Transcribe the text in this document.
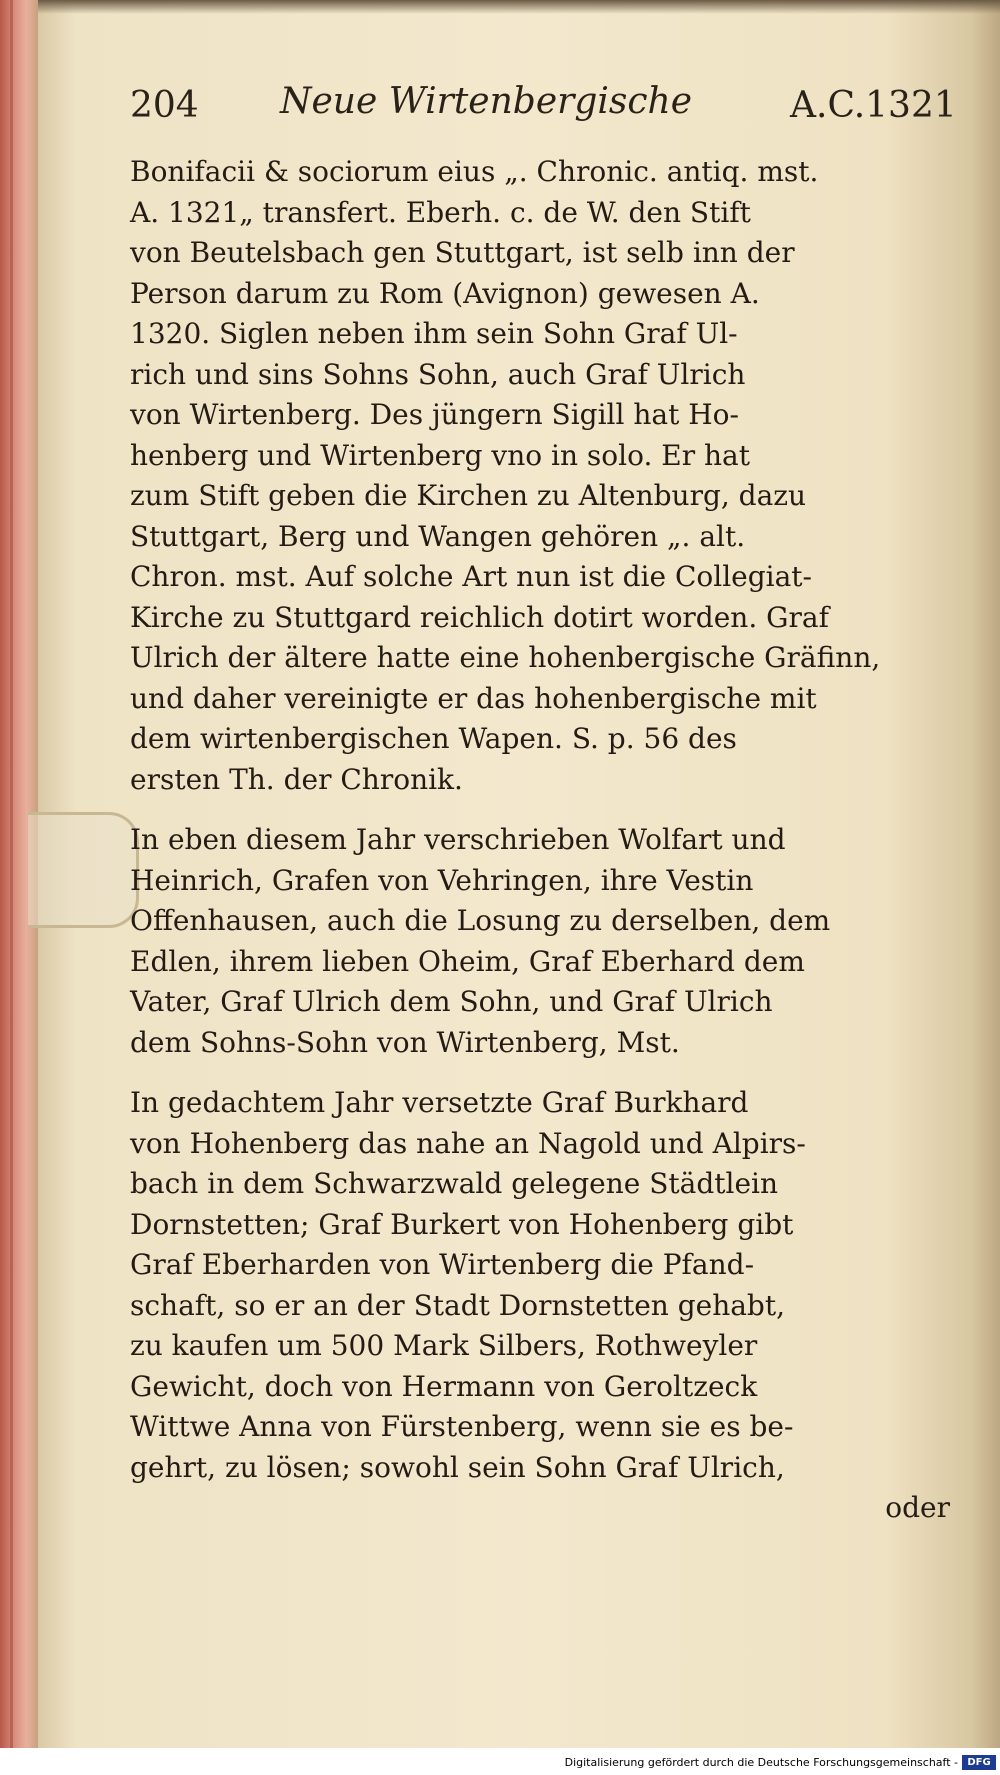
204 Neue Wirtenbergische	A.C.1321
Bonifacii & sociorum eius „. Chronic. antiq. mst.
A. 1321„ transfert. Eberh. c. de W. den Stift
von Beutelsbach gen Stuttgart, ist selb inn der
Person darum zu Rom (Avignon) gewesen A.
1320. Siglen neben ihm sein Sohn Graf Ul-
rich und sins Sohns Sohn, auch Graf Ulrich
von Wirtenberg. Des jüngern Sigill hat Ho-
henberg und Wirtenberg vno in solo. Er hat
zum Stift geben die Kirchen zu Altenburg, dazu
Stuttgart, Berg und Wangen gehören „. alt.
Chron. mst. Auf solche Art nun ist die Collegiat-
Kirche zu Stuttgard reichlich dotirt worden. Graf
Ulrich der ältere hatte eine hohenbergische Gräfinn,
und daher vereinigte er das hohenbergische mit
dem wirtenbergischen Wapen. S. p. 56 des
ersten Th. der Chronik.
In eben diesem Jahr verschrieben Wolfart und
Heinrich, Grafen von Vehringen, ihre Vestin
Offenhausen, auch die Losung zu derselben, dem
Edlen, ihrem lieben Oheim, Graf Eberhard dem
Vater, Graf Ulrich dem Sohn, und Graf Ulrich
dem Sohns-Sohn von Wirtenberg, Mst.
In gedachtem Jahr versetzte Graf Burkhard
von Hohenberg das nahe an Nagold und Alpirs-
bach in dem Schwarzwald gelegene Städtlein
Dornstetten; Graf Burkert von Hohenberg gibt
Graf Eberharden von Wirtenberg die Pfand-
schaft, so er an der Stadt Dornstetten gehabt,
zu kaufen um 500 Mark Silbers, Rothweyler
Gewicht, doch von Hermann von Geroltzeck
Wittwe Anna von Fürstenberg, wenn sie es be-
gehrt, zu lösen; sowohl sein Sohn Graf Ulrich,
oder
Digitalisierung gefördert durch die Deutsche Forschungsgemeinschaft - DFG
